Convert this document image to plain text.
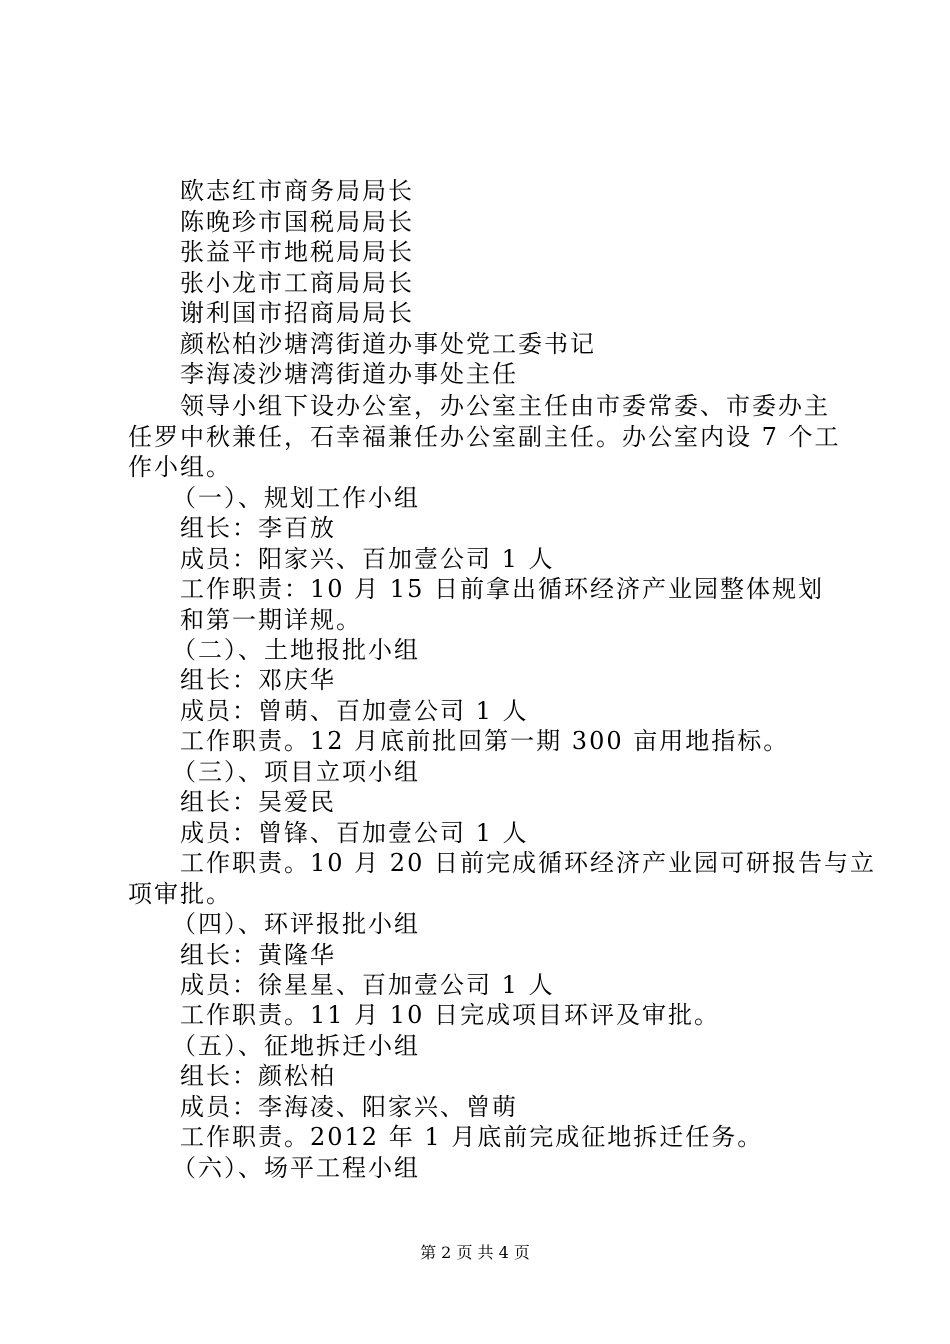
欧志红市商务局局长
陈晚珍市国税局局长
张益平市地税局局长
张小龙市工商局局长
谢利国市招商局局长
颜松柏沙塘湾街道办事处党工委书记
李海凌沙塘湾街道办事处主任
领导小组下设办公室，办公室主任由市委常委、市委办主
任罗中秋兼任，石幸福兼任办公室副主任。办公室内设 7 个工
作小组。
（一）、规划工作小组
组长：李百放
成员：阳家兴、百加壹公司 1 人
工作职责：10 月 15 日前拿出循环经济产业园整体规划
和第一期详规。
（二）、土地报批小组
组长：邓庆华
成员：曾萌、百加壹公司 1 人
工作职责。12 月底前批回第一期 300 亩用地指标。
（三）、项目立项小组
组长：吴爱民
成员：曾锋、百加壹公司 1 人
工作职责。10 月 20 日前完成循环经济产业园可研报告与立
项审批。
（四）、环评报批小组
组长：黄隆华
成员：徐星星、百加壹公司 1 人
工作职责。11 月 10 日完成项目环评及审批。
（五）、征地拆迁小组
组长：颜松柏
成员：李海凌、阳家兴、曾萌
工作职责。2012 年 1 月底前完成征地拆迁任务。
（六）、场平工程小组
第 2 页 共 4 页
